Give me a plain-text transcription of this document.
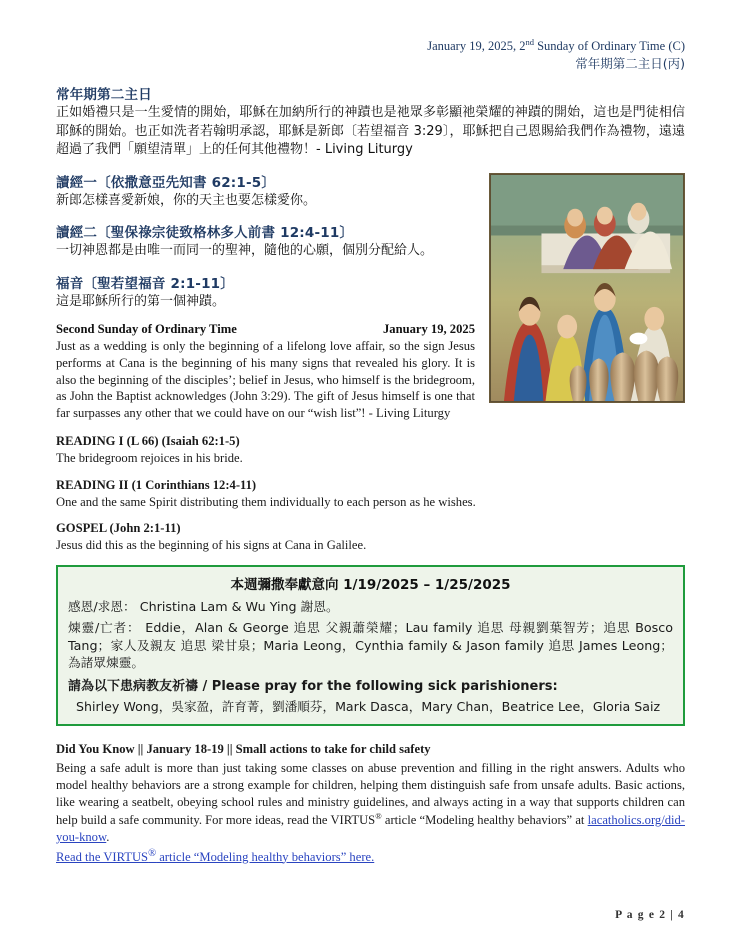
January 19, 2025, 2nd Sunday of Ordinary Time (C)
常年期第二主日(丙)
常年期第二主日
正如婚禮只是一生愛情的開始，耶穌在加納所行的神蹟也是祂眾多彰顯祂榮耀的神蹟的開始，這也是門徒相信耶穌的開始。也正如洗者若翰明承認，耶穌是新郎〔若望福音 3:29〕，耶穌把自己恩賜給我們作為禮物，遠遠超過了我們「願望清單」上的任何其他禮物！- Living Liturgy
讀經一〔依撒意亞先知書 62:1-5〕
新郎怎樣喜愛新娘，你的天主也要怎樣愛你。
讀經二〔聖保祿宗徒致格林多人前書 12:4-11〕
一切神恩都是由唯一而同一的聖神，隨他的心願，個別分配給人。
福音〔聖若望福音 2:1-11〕
這是耶穌所行的第一個神蹟。
Second Sunday of Ordinary Time	January 19, 2025
Just as a wedding is only the beginning of a lifelong love affair, so the sign Jesus performs at Cana is the beginning of his many signs that revealed his glory. It is also the beginning of the disciples’; belief in Jesus, who himself is the bridegroom, as John the Baptist acknowledges (John 3:29). The gift of Jesus himself is one that far surpasses any other that we could have on our “wish list”! - Living Liturgy
READING I (L 66) (Isaiah 62:1-5)
The bridegroom rejoices in his bride.
READING II (1 Corinthians 12:4-11)
One and the same Spirit distributing them individually to each person as he wishes.
GOSPEL (John 2:1-11)
Jesus did this as the beginning of his signs at Cana in Galilee.
本週彌撒奉獻意向 1/19/2025 – 1/25/2025
感恩/求恩： Christina Lam & Wu Ying 謝恩。
煉靈/亡者： Eddie，Alan & George 追思 父親蕭榮耀；Lau family 追思 母親劉葉智芳；追思 Bosco Tang；家人及親友 追思 梁甘泉；Maria Leong，Cynthia family & Jason family 追思 James Leong；為諸眾煉靈。
請為以下患病教友祈禱 / Please pray for the following sick parishioners:
Shirley Wong，吳家盈，許育菁，劉潘順芬，Mark Dasca，Mary Chan，Beatrice Lee，Gloria Saiz
Did You Know || January 18-19 || Small actions to take for child safety
Being a safe adult is more than just taking some classes on abuse prevention and filling in the right answers. Adults who model healthy behaviors are a strong example for children, helping them distinguish safe from unsafe adults. Basic actions, like wearing a seatbelt, obeying school rules and ministry guidelines, and always acting in a way that supports children can help build a safe community. For more ideas, read the VIRTUS® article “Modeling healthy behaviors” at lacatholics.org/did-you-know.
Read the VIRTUS® article “Modeling healthy behaviors” here.
P a g e 2 | 4
